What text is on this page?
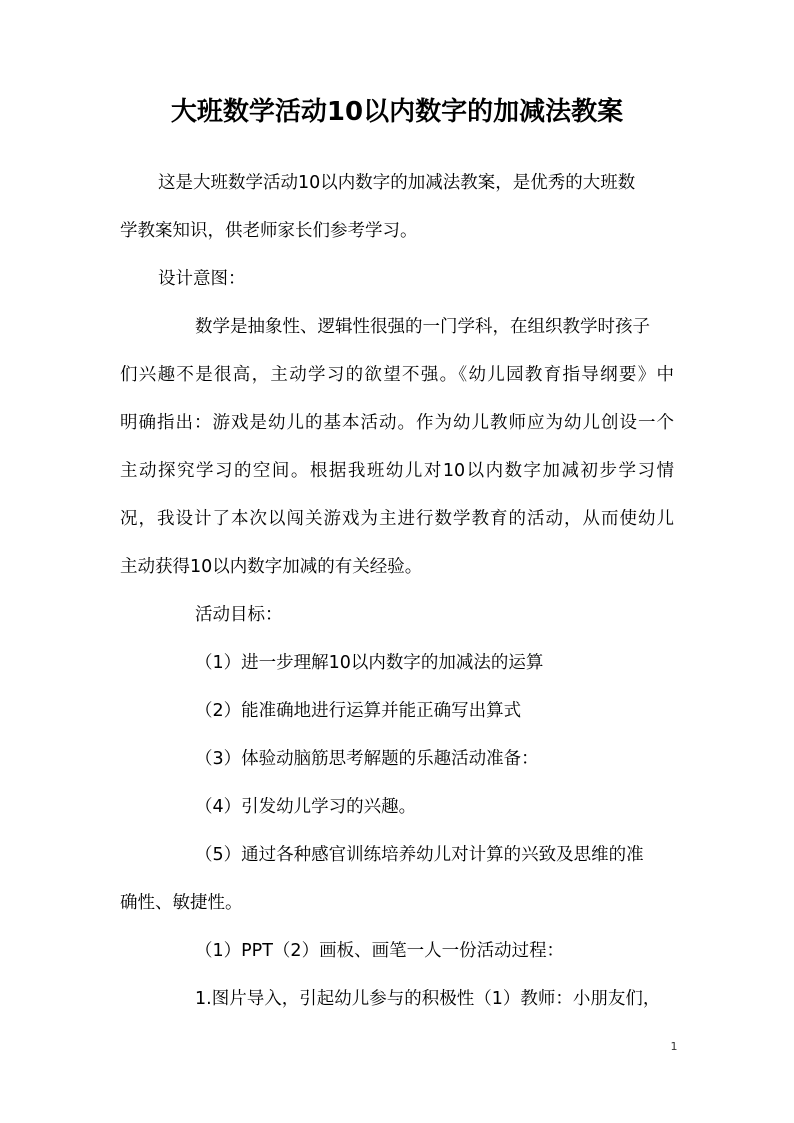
大班数学活动10以内数字的加减法教案
这是大班数学活动10以内数字的加减法教案，是优秀的大班数
学教案知识，供老师家长们参考学习。
设计意图：
数学是抽象性、逻辑性很强的一门学科，在组织教学时孩子
们兴趣不是很高，主动学习的欲望不强。《幼儿园教育指导纲要》中
明确指出：游戏是幼儿的基本活动。作为幼儿教师应为幼儿创设一个
主动探究学习的空间。根据我班幼儿对10以内数字加减初步学习情
况，我设计了本次以闯关游戏为主进行数学教育的活动，从而使幼儿
主动获得10以内数字加减的有关经验。
活动目标：
（1）进一步理解10以内数字的加减法的运算
（2）能准确地进行运算并能正确写出算式
（3）体验动脑筋思考解题的乐趣活动准备：
（4）引发幼儿学习的兴趣。
（5）通过各种感官训练培养幼儿对计算的兴致及思维的准
确性、敏捷性。
（1）PPT（2）画板、画笔一人一份活动过程：
1.图片导入，引起幼儿参与的积极性（1）教师：小朋友们，
1
